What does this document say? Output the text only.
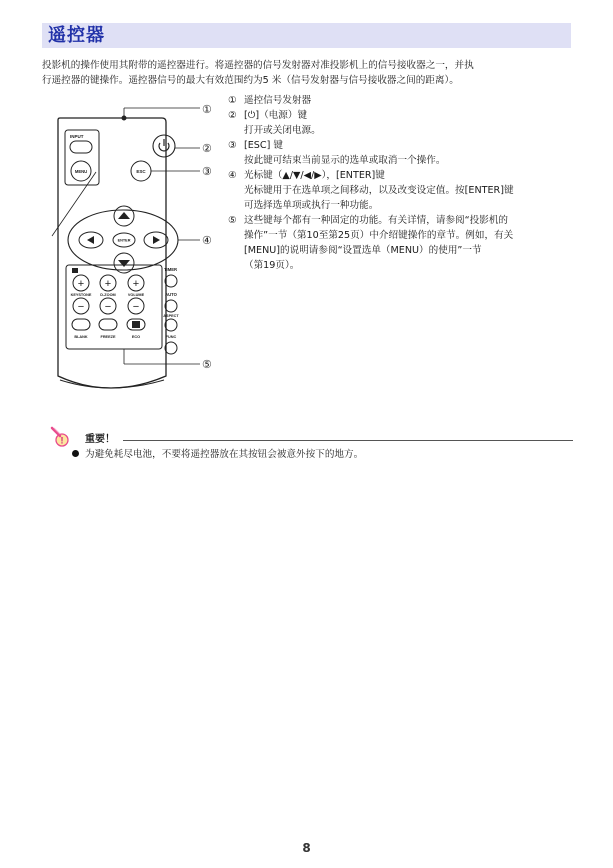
遥控器
投影机的操作使用其附带的遥控器进行。将遥控器的信号发射器对准投影机上的信号接收器之一，并执
行遥控器的键操作。遥控器信号的最大有效范围约为5 米（信号发射器与信号接收器之间的距离）。
INPUT
MENU	ESC
ENTER
TIMER
+ + +
KEYSTONE D-ZOOM	VOLUME	AUTO
− − −
ASPECT
BLANK	FREEZE	ECO	FUNC
①
②
③
④
⑤
① 遥控信号发射器
② [⏻]（电源）键
打开或关闭电源。
③ [ESC] 键
按此键可结束当前显示的选单或取消一个操作。
④ 光标键（▲/▼/◀/▶），[ENTER]键
光标键用于在选单项之间移动，以及改变设定值。按[ENTER]键
可选择选单项或执行一种功能。
⑤ 这些键每个都有一种固定的功能。有关详情，请参阅“投影机的
操作”一节（第10至第25页）中介绍键操作的章节。例如，有关
[MENU]的说明请参阅“设置选单（MENU）的使用”一节
（第19页）。
! 重要！
为避免耗尽电池，不要将遥控器放在其按钮会被意外按下的地方。
8
